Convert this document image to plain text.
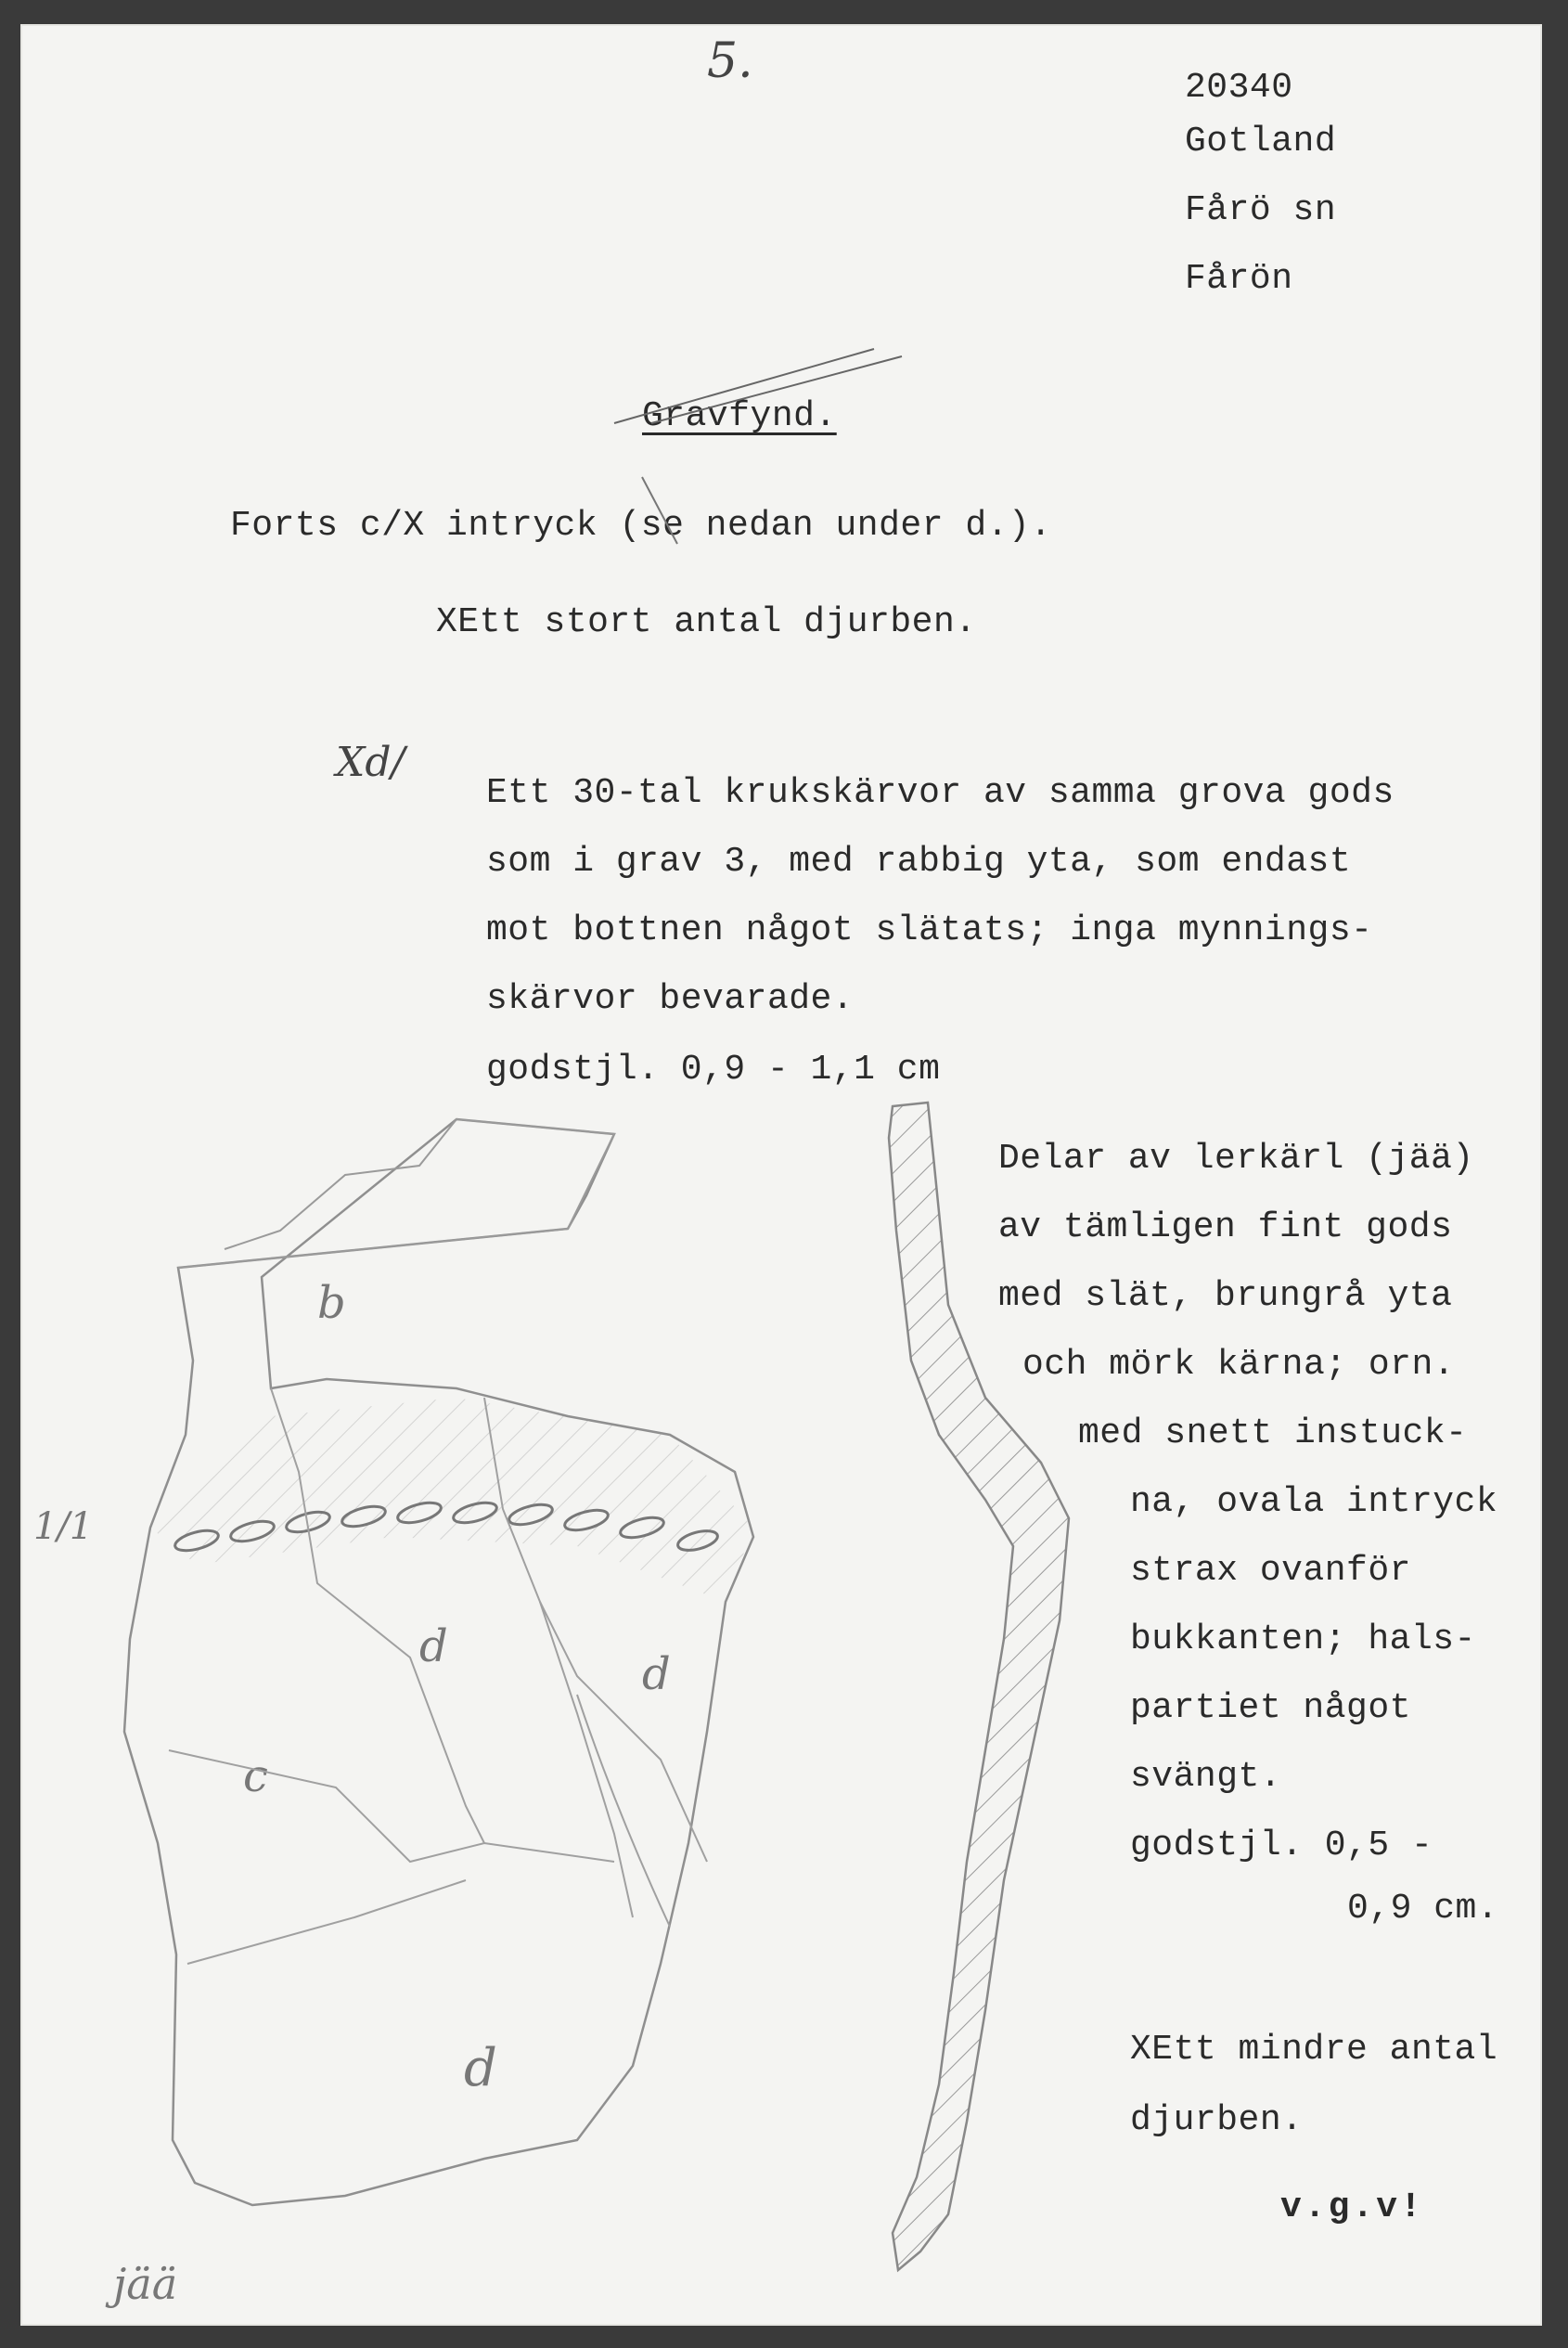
5.	20340
Gotland
Fårö sn
Fårön
Gravfynd.
Forts c/X intryck (se nedan under d.).
XEtt stort antal djurben.
Xd/
Ett 30-tal krukskärvor av samma grova gods
som i grav 3, med rabbig yta, som endast
mot bottnen något slätats; inga mynnings-
skärvor bevarade.
godstjl. 0,9 - 1,1 cm
Delar av lerkärl (jää)
av tämligen fint gods
med slät, brungrå yta
och mörk kärna; orn.
med snett instuck-
na, ovala intryck
strax ovanför
bukkanten; hals-
partiet något
svängt.
godstjl. 0,5 -
0,9 cm.
XEtt mindre antal
djurben.
v.g.v!
b
d
d
c
d
1/1
jää
